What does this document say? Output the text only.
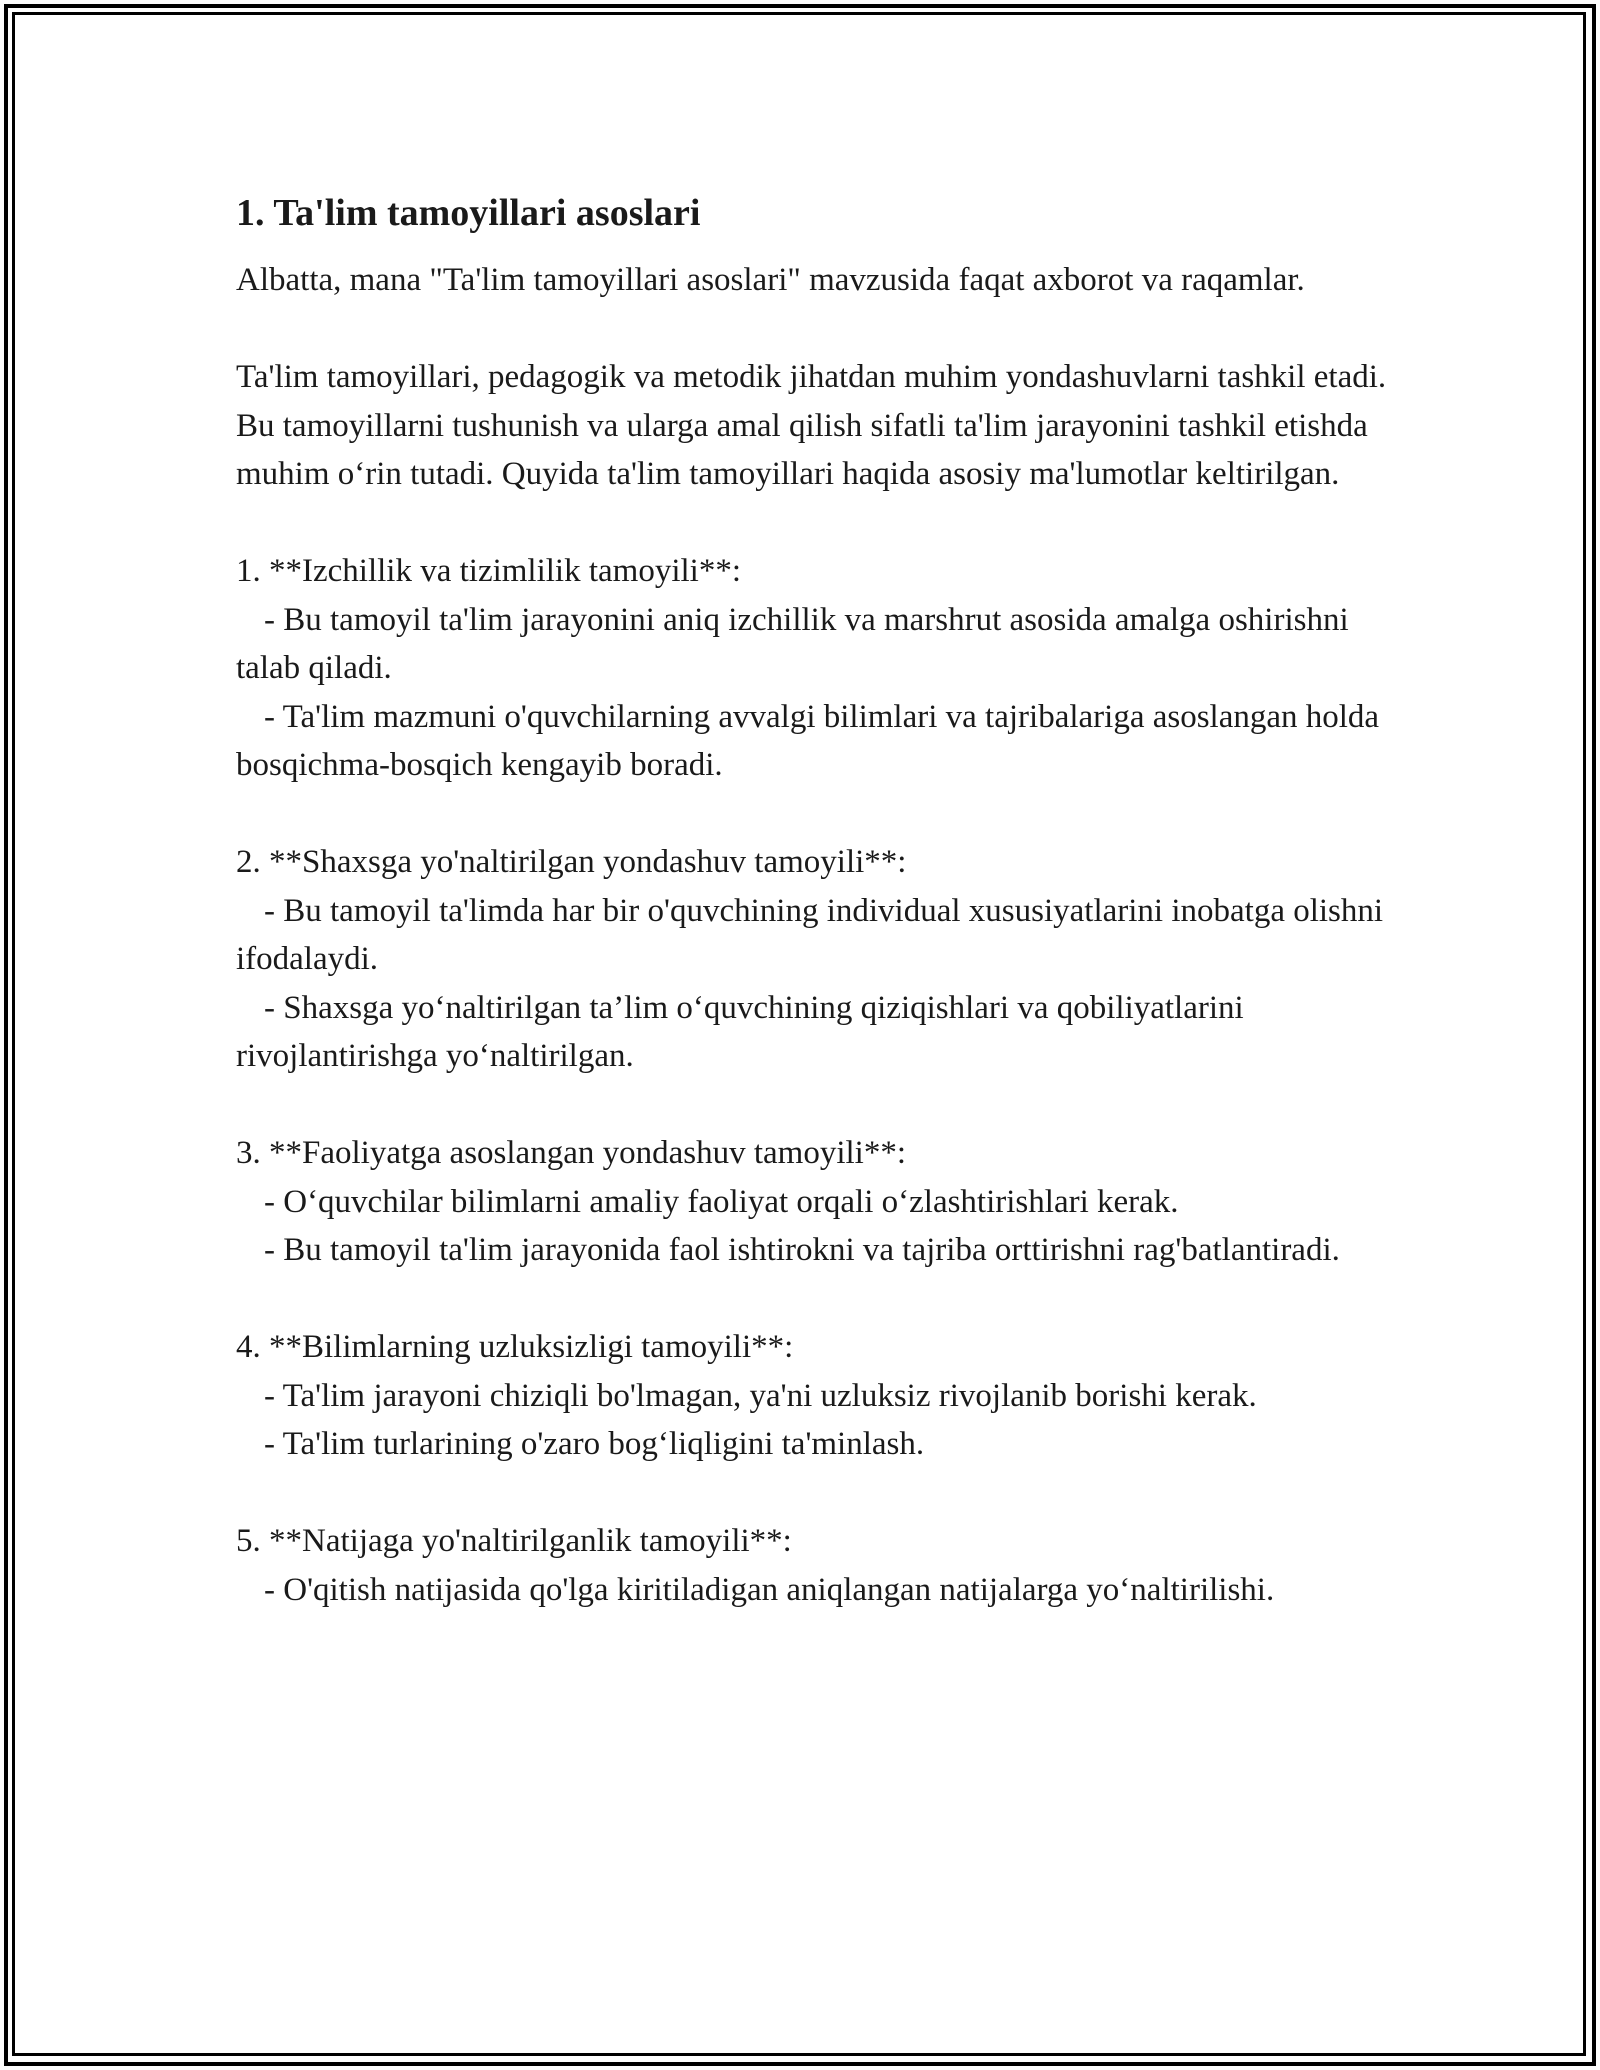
1. Ta'lim tamoyillari asoslari

Albatta, mana "Ta'lim tamoyillari asoslari" mavzusida faqat axborot va raqamlar.

Ta'lim tamoyillari, pedagogik va metodik jihatdan muhim yondashuvlarni tashkil etadi. Bu tamoyillarni tushunish va ularga amal qilish sifatli ta'lim jarayonini tashkil etishda muhim o‘rin tutadi. Quyida ta'lim tamoyillari haqida asosiy ma'lumotlar keltirilgan.

1. **Izchillik va tizimlilik tamoyili**:

- Bu tamoyil ta'lim jarayonini aniq izchillik va marshrut asosida amalga oshirishni talab qiladi.

- Ta'lim mazmuni o'quvchilarning avvalgi bilimlari va tajribalariga asoslangan holda bosqichma-bosqich kengayib boradi.

2. **Shaxsga yo'naltirilgan yondashuv tamoyili**:

- Bu tamoyil ta'limda har bir o'quvchining individual xususiyatlarini inobatga olishni ifodalaydi.

- Shaxsga yo‘naltirilgan ta’lim o‘quvchining qiziqishlari va qobiliyatlarini rivojlantirishga yo‘naltirilgan.

3. **Faoliyatga asoslangan yondashuv tamoyili**:

- O‘quvchilar bilimlarni amaliy faoliyat orqali o‘zlashtirishlari kerak.

- Bu tamoyil ta'lim jarayonida faol ishtirokni va tajriba orttirishni rag'batlantiradi.

4. **Bilimlarning uzluksizligi tamoyili**:

- Ta'lim jarayoni chiziqli bo'lmagan, ya'ni uzluksiz rivojlanib borishi kerak.

- Ta'lim turlarining o'zaro bog‘liqligini ta'minlash.

5. **Natijaga yo'naltirilganlik tamoyili**:

- O'qitish natijasida qo'lga kiritiladigan aniqlangan natijalarga yo‘naltirilishi.
